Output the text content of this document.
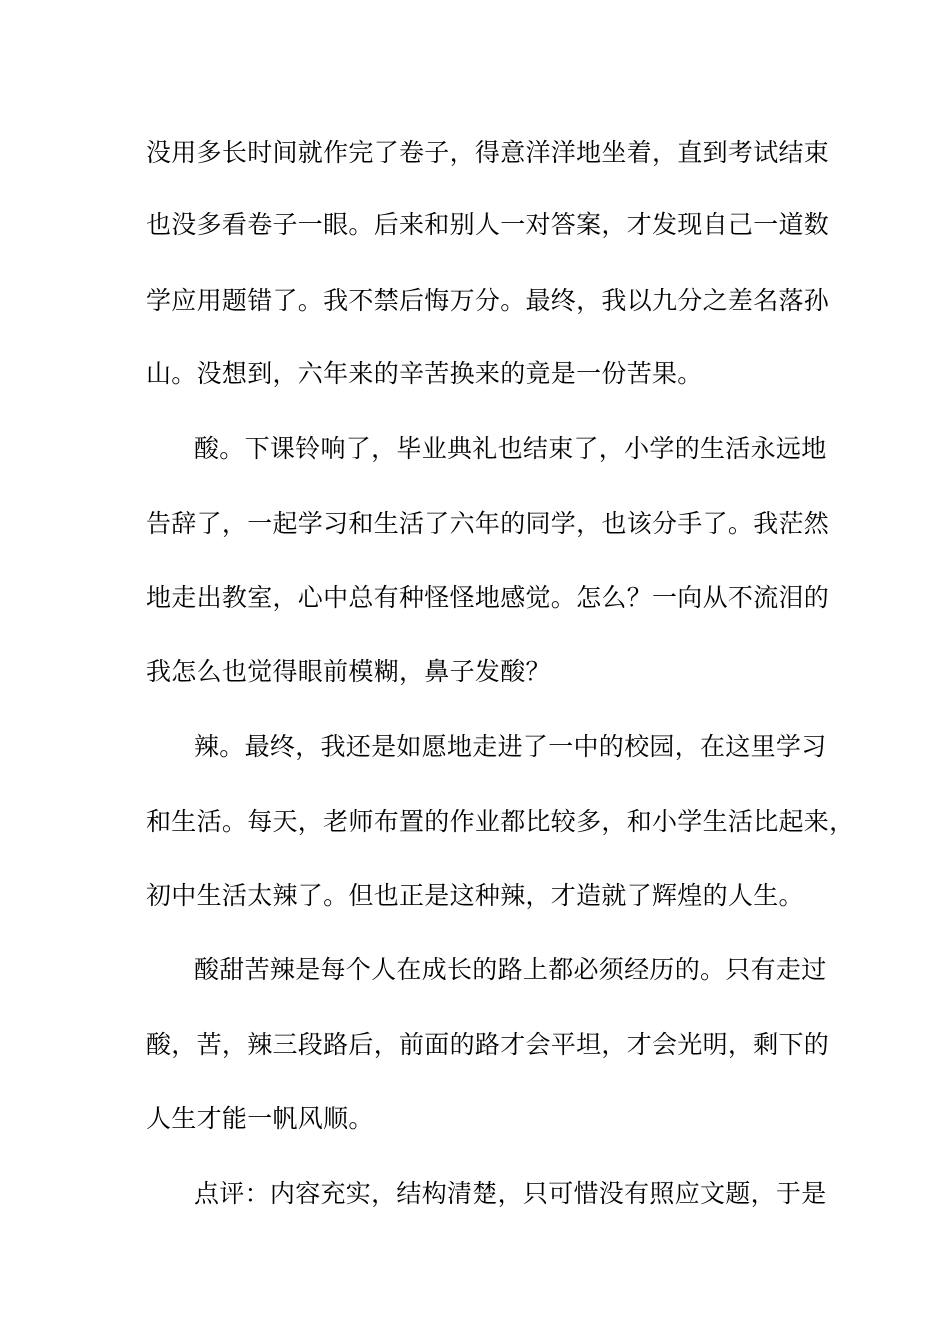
没用多长时间就作完了卷子，得意洋洋地坐着，直到考试结束
也没多看卷子一眼。后来和别人一对答案，才发现自己一道数
学应用题错了。我不禁后悔万分。最终，我以九分之差名落孙
山。没想到，六年来的辛苦换来的竟是一份苦果。
酸。下课铃响了，毕业典礼也结束了，小学的生活永远地
告辞了，一起学习和生活了六年的同学，也该分手了。我茫然
地走出教室，心中总有种怪怪地感觉。怎么？一向从不流泪的
我怎么也觉得眼前模糊，鼻子发酸？
辣。最终，我还是如愿地走进了一中的校园，在这里学习
和生活。每天，老师布置的作业都比较多，和小学生活比起来，
初中生活太辣了。但也正是这种辣，才造就了辉煌的人生。
酸甜苦辣是每个人在成长的路上都必须经历的。只有走过
酸，苦，辣三段路后，前面的路才会平坦，才会光明，剩下的
人生才能一帆风顺。
点评：内容充实，结构清楚，只可惜没有照应文题，于是
